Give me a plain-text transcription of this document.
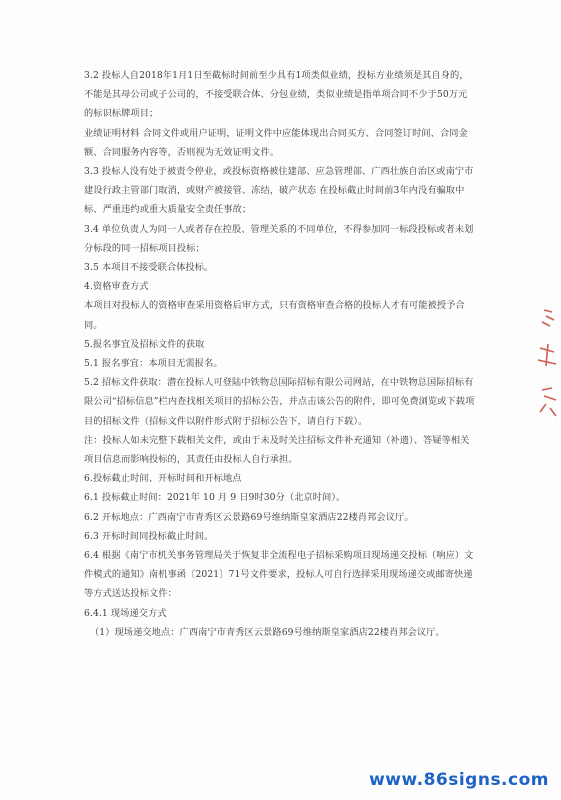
3.2 投标人自2018年1月1日至截标时间前至少具有1项类似业绩，投标方业绩须是其自身的，不能是其母公司或子公司的，不接受联合体、分包业绩，类似业绩是指单项合同不少于50万元的标识标牌项目；

业绩证明材料 合同文件或用户证明，证明文件中应能体现出合同买方、合同签订时间、合同金额、合同服务内容等，否则视为无效证明文件。

3.3 投标人没有处于被责令停业，或投标资格被住建部、应急管理部、广西壮族自治区或南宁市建设行政主管部门取消，或财产被接管、冻结，破产状态 在投标截止时间前3年内没有骗取中标、严重违约或重大质量安全责任事故；

3.4 单位负责人为同一人或者存在控股、管理关系的不同单位，不得参加同一标段投标或者未划分标段的同一招标项目投标；

3.5 本项目不接受联合体投标。

4.资格审查方式

本项目对投标人的资格审查采用资格后审方式，只有资格审查合格的投标人才有可能被授予合同。

5.报名事宜及招标文件的获取

5.1 报名事宜：本项目无需报名。

5.2 招标文件获取：潜在投标人可登陆中铁物总国际招标有限公司网站，在中铁物总国际招标有限公司“招标信息”栏内查找相关项目的招标公告，并点击该公告的附件，即可免费浏览或下载项目的招标文件（招标文件以附件形式附于招标公告下，请自行下载）。

注：投标人如未完整下载相关文件，或由于未及时关注招标文件补充通知（补遗）、答疑等相关项目信息而影响投标的，其责任由投标人自行承担。

6.投标截止时间、开标时间和开标地点

6.1 投标截止时间：2021年 10 月 9 日9时30分（北京时间）。

6.2 开标地点：广西南宁市青秀区云景路69号维纳斯皇家酒店22楼肖邦会议厅。

6.3 开标时间同投标截止时间。

6.4 根据《南宁市机关事务管理局关于恢复非全流程电子招标采购项目现场递交投标（响应）文件模式的通知》南机事函〔2021〕71号文件要求，投标人可自行选择采用现场递交或邮寄快递等方式送达投标文件：

6.4.1 现场递交方式

（1）现场递交地点：广西南宁市青秀区云景路69号维纳斯皇家酒店22楼肖邦会议厅。

www.86signs.com
